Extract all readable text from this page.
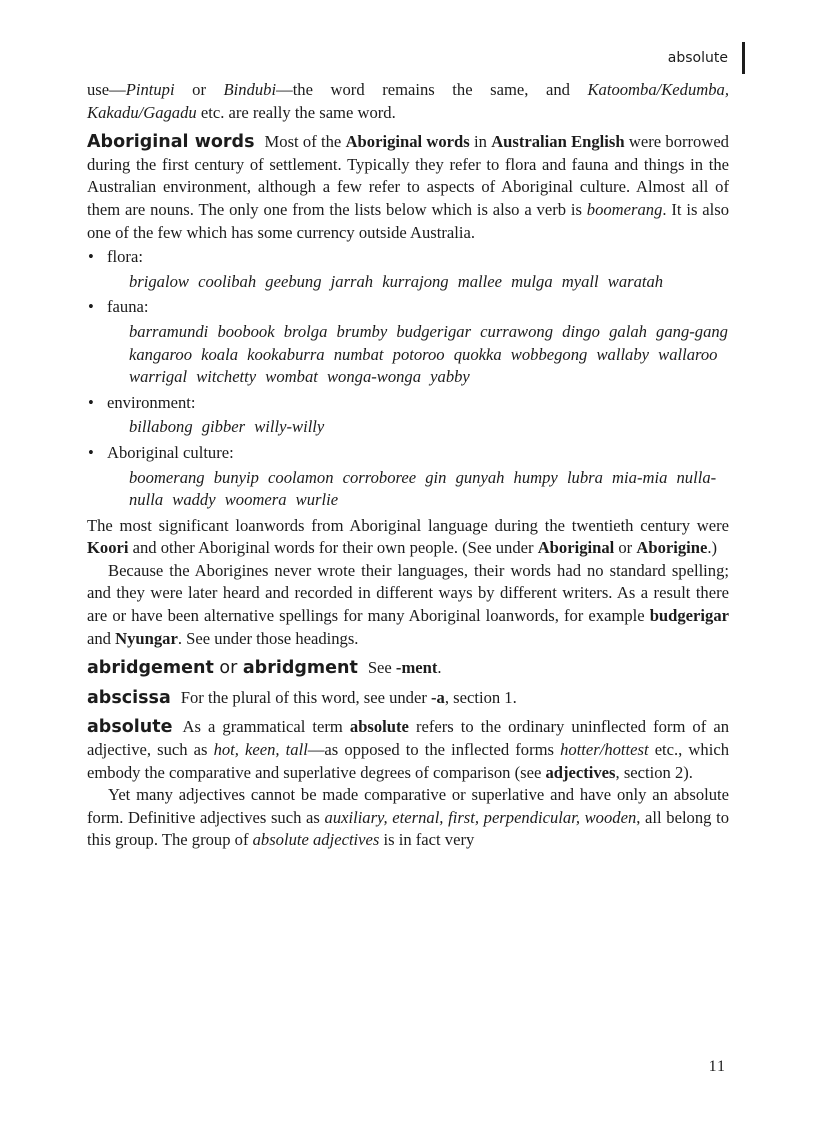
absolute

use—Pintupi or Bindubi—the word remains the same, and Katoomba/Kedumba, Kakadu/Gagadu etc. are really the same word.

Aboriginal words Most of the Aboriginal words in Australian English were borrowed during the first century of settlement. Typically they refer to flora and fauna and things in the Australian environment, although a few refer to aspects of Aboriginal culture. Almost all of them are nouns. The only one from the lists below which is also a verb is boomerang. It is also one of the few which has some currency outside Australia.

• flora:
brigalow coolibah geebung jarrah kurrajong mallee mulga myall waratah
• fauna:
barramundi boobook brolga brumby budgerigar currawong dingo galah gang-gang kangaroo koala kookaburra numbat potoroo quokka wobbegong wallaby wallaroo warrigal witchetty wombat wonga-wonga yabby
• environment:
billabong gibber willy-willy
• Aboriginal culture:
boomerang bunyip coolamon corroboree gin gunyah humpy lubra mia-mia nulla-nulla waddy woomera wurlie

The most significant loanwords from Aboriginal language during the twentieth century were Koori and other Aboriginal words for their own people. (See under Aboriginal or Aborigine.)

Because the Aborigines never wrote their languages, their words had no standard spelling; and they were later heard and recorded in different ways by different writers. As a result there are or have been alternative spellings for many Aboriginal loanwords, for example budgerigar and Nyungar. See under those headings.

abridgement or abridgment See -ment.

abscissa For the plural of this word, see under -a, section 1.

absolute As a grammatical term absolute refers to the ordinary uninflected form of an adjective, such as hot, keen, tall—as opposed to the inflected forms hotter/hottest etc., which embody the comparative and superlative degrees of comparison (see adjectives, section 2).

Yet many adjectives cannot be made comparative or superlative and have only an absolute form. Definitive adjectives such as auxiliary, eternal, first, perpendicular, wooden, all belong to this group. The group of absolute adjectives is in fact very

11
